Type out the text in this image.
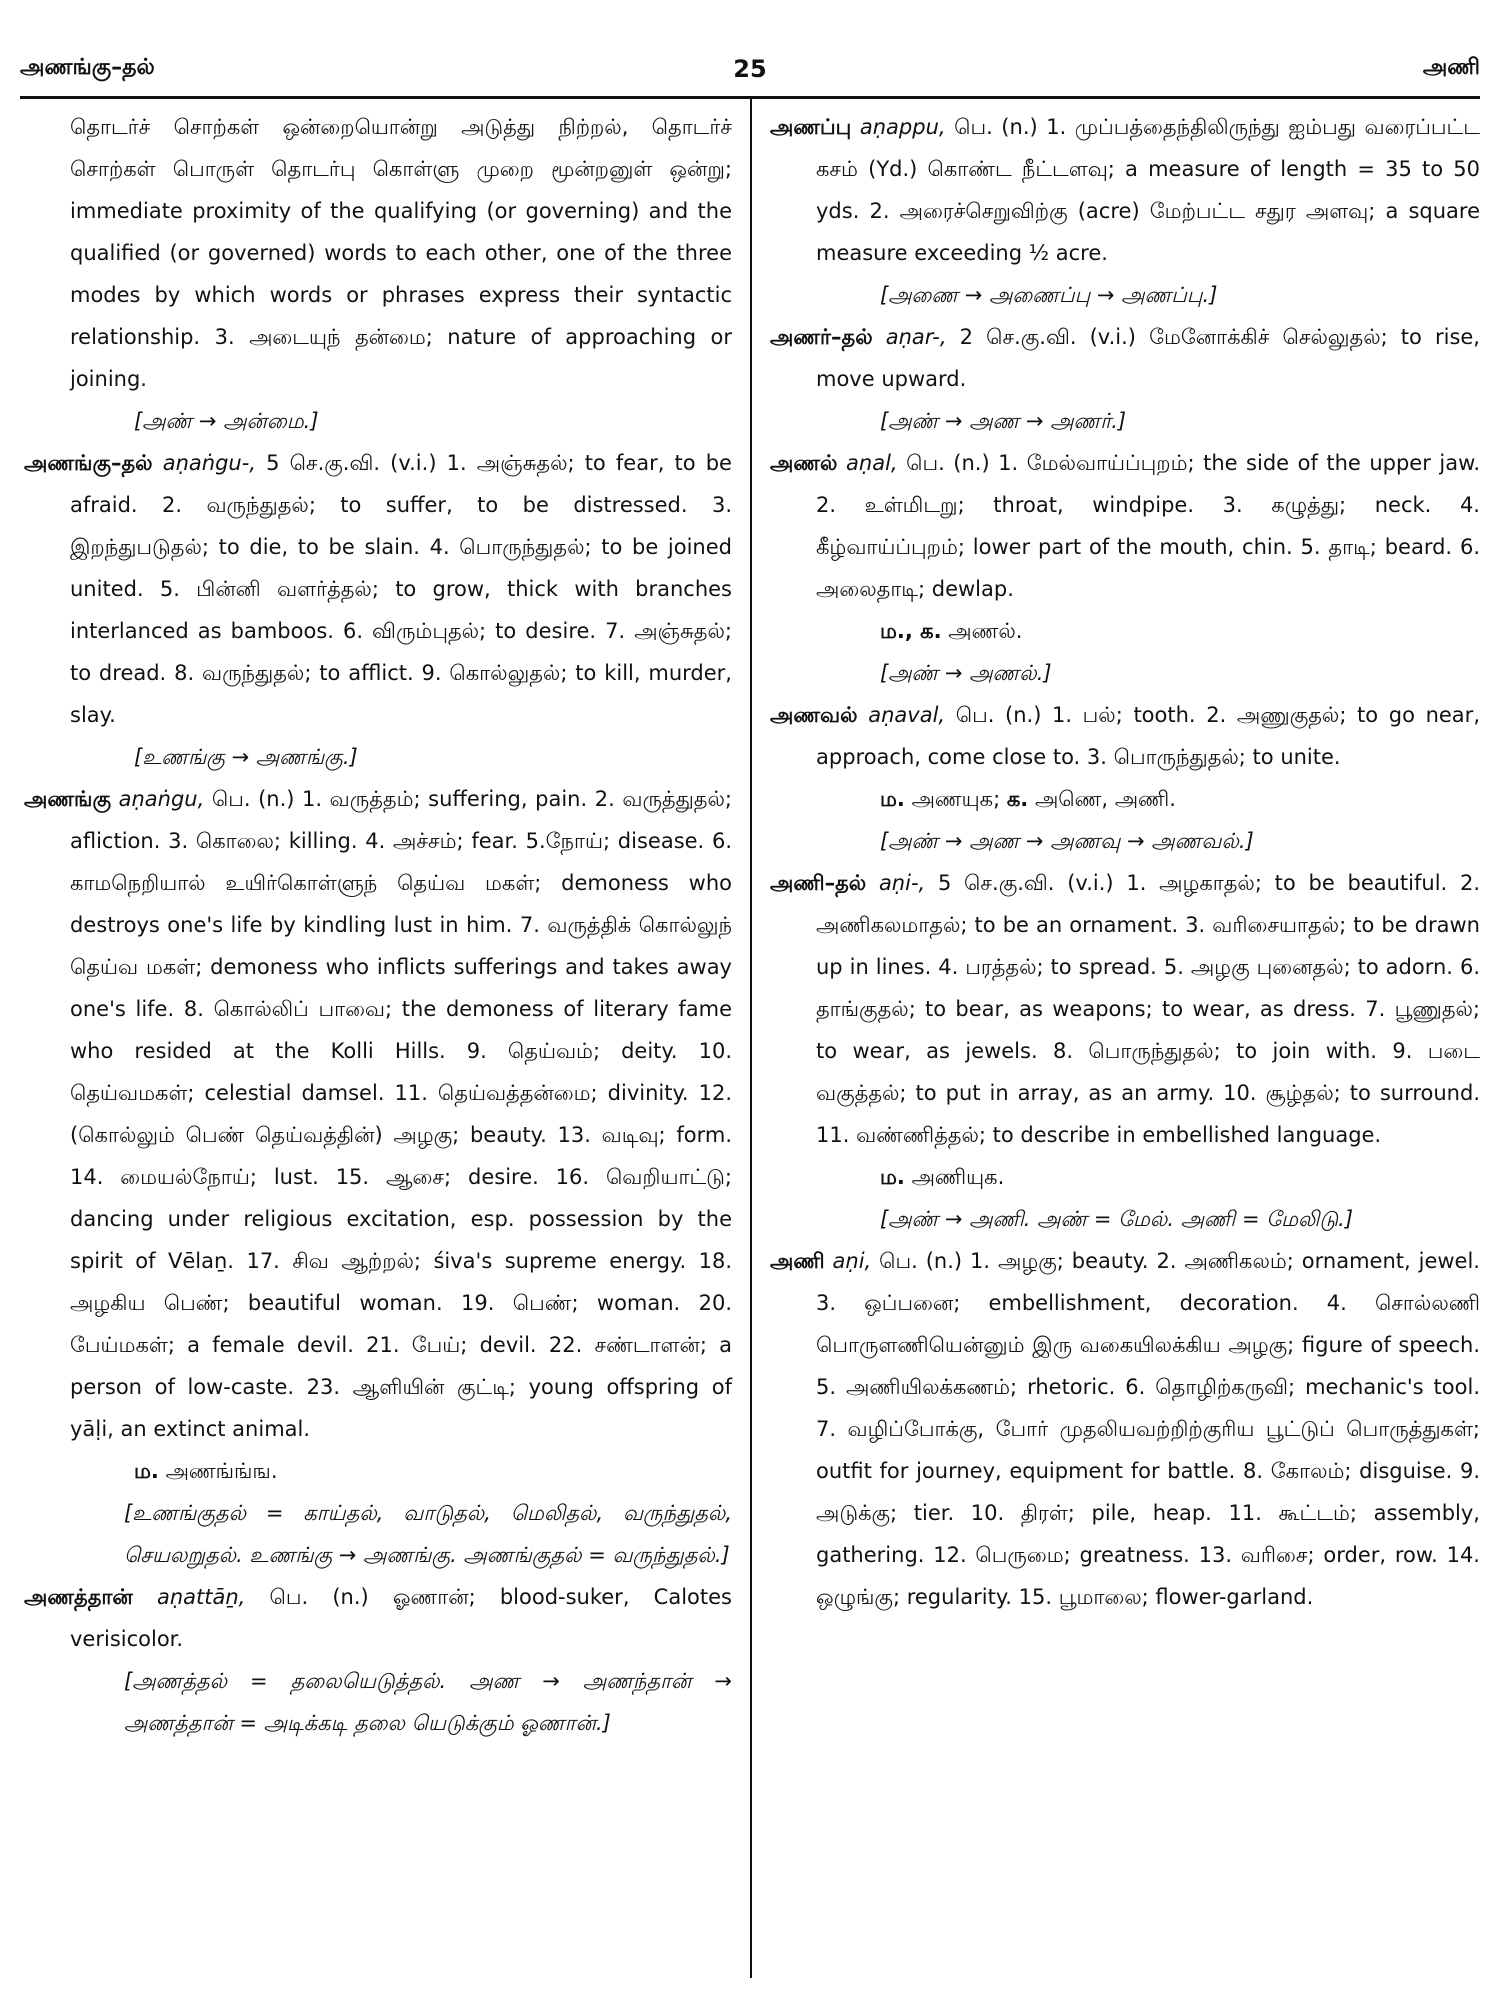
அணங்கு–தல்	25	அணி
தொடர்ச் சொற்கள் ஒன்றையொன்று அடுத்து நிற்றல், தொடர்ச் சொற்கள் பொருள் தொடர்பு கொள்ளு முறை மூன்றனுள் ஒன்று; immediate proximity of the qualifying (or governing) and the qualified (or governed) words to each other, one of the three modes by which words or phrases express their syntactic relationship. 3. அடையுந் தன்மை; nature of approaching or joining.
[அண் → அன்மை.]
அணங்கு–தல் aṇaṅgu-, 5 செ.கு.வி. (v.i.) 1. அஞ்சுதல்; to fear, to be afraid. 2. வருந்துதல்; to suffer, to be distressed. 3. இறந்துபடுதல்; to die, to be slain. 4. பொருந்துதல்; to be joined united. 5. பின்னி வளர்த்தல்; to grow, thick with branches interlanced as bamboos. 6. விரும்புதல்; to desire. 7. அஞ்சுதல்; to dread. 8. வருந்துதல்; to afflict. 9. கொல்லுதல்; to kill, murder, slay.
[உணங்கு → அணங்கு.]
அணங்கு aṇaṅgu, பெ. (n.) 1. வருத்தம்; suffering, pain. 2. வருத்துதல்; afliction. 3. கொலை; killing. 4. அச்சம்; fear. 5.நோய்; disease. 6. காமநெறியால் உயிர்கொள்ளுந் தெய்வ மகள்; demoness who destroys one's life by kindling lust in him. 7. வருத்திக் கொல்லுந் தெய்வ மகள்; demoness who inflicts sufferings and takes away one's life. 8. கொல்லிப் பாவை; the demoness of literary fame who resided at the Kolli Hills. 9. தெய்வம்; deity. 10. தெய்வமகள்; celestial damsel. 11. தெய்வத்தன்மை; divinity. 12. (கொல்லும் பெண் தெய்வத்தின்) அழகு; beauty. 13. வடிவு; form. 14. மையல்நோய்; lust. 15. ஆசை; desire. 16. வெறியாட்டு; dancing under religious excitation, esp. possession by the spirit of Vēlaṉ. 17. சிவ ஆற்றல்; śiva's supreme energy. 18. அழகிய பெண்; beautiful woman. 19. பெண்; woman. 20. பேய்மகள்; a female devil. 21. பேய்; devil. 22. சண்டாளன்; a person of low-caste. 23. ஆளியின் குட்டி; young offspring of yāḷi, an extinct animal.
ம. அணங்ங்ங.
[உணங்குதல் = காய்தல், வாடுதல், மெலிதல், வருந்துதல், செயலறுதல். உணங்கு → அணங்கு. அணங்குதல் = வருந்துதல்.]
அணத்தான் aṇattāṉ, பெ. (n.) ஓணான்; blood-suker, Calotes verisicolor.
[அணத்தல் = தலையெடுத்தல். அண → அணந்தான் → அணத்தான் = அடிக்கடி தலை யெடுக்கும் ஓணான்.]
அணப்பு aṇappu, பெ. (n.) 1. முப்பத்தைந்திலிருந்து ஐம்பது வரைப்பட்ட கசம் (Yd.) கொண்ட நீட்டளவு; a measure of length = 35 to 50 yds. 2. அரைச்செறுவிற்கு (acre) மேற்பட்ட சதுர அளவு; a square measure exceeding ½ acre.
[அணை → அணைப்பு → அணப்பு.]
அணர்–தல் aṇar-, 2 செ.கு.வி. (v.i.) மேனோக்கிச் செல்லுதல்; to rise, move upward.
[அண் → அண → அணர்.]
அணல் aṇal, பெ. (n.) 1. மேல்வாய்ப்புறம்; the side of the upper jaw. 2. உள்மிடறு; throat, windpipe. 3. கழுத்து; neck. 4. கீழ்வாய்ப்புறம்; lower part of the mouth, chin. 5. தாடி; beard. 6. அலைதாடி; dewlap.
ம., க. அணல்.
[அண் → அணல்.]
அணவல் aṇaval, பெ. (n.) 1. பல்; tooth. 2. அணுகுதல்; to go near, approach, come close to. 3. பொருந்துதல்; to unite.
ம. அணயுக; க. அணெ, அணி.
[அண் → அண → அணவு → அணவல்.]
அணி–தல் aṇi-, 5 செ.கு.வி. (v.i.) 1. அழகாதல்; to be beautiful. 2. அணிகலமாதல்; to be an ornament. 3. வரிசையாதல்; to be drawn up in lines. 4. பரத்தல்; to spread. 5. அழகு புனைதல்; to adorn. 6. தாங்குதல்; to bear, as weapons; to wear, as dress. 7. பூணுதல்; to wear, as jewels. 8. பொருந்துதல்; to join with. 9. படை வகுத்தல்; to put in array, as an army. 10. சூழ்தல்; to surround. 11. வண்ணித்தல்; to describe in embellished language.
ம. அணியுக.
[அண் → அணி. அண் = மேல். அணி = மேலிடு.]
அணி aṇi, பெ. (n.) 1. அழகு; beauty. 2. அணிகலம்; ornament, jewel. 3. ஒப்பனை; embellishment, decoration. 4. சொல்லணி பொருளணியென்னும் இரு வகையிலக்கிய அழகு; figure of speech. 5. அணியிலக்கணம்; rhetoric. 6. தொழிற்கருவி; mechanic's tool. 7. வழிப்போக்கு, போர் முதலியவற்றிற்குரிய பூட்டுப் பொருத்துகள்; outfit for journey, equipment for battle. 8. கோலம்; disguise. 9. அடுக்கு; tier. 10. திரள்; pile, heap. 11. கூட்டம்; assembly, gathering. 12. பெருமை; greatness. 13. வரிசை; order, row. 14. ஒழுங்கு; regularity. 15. பூமாலை; flower-garland.
